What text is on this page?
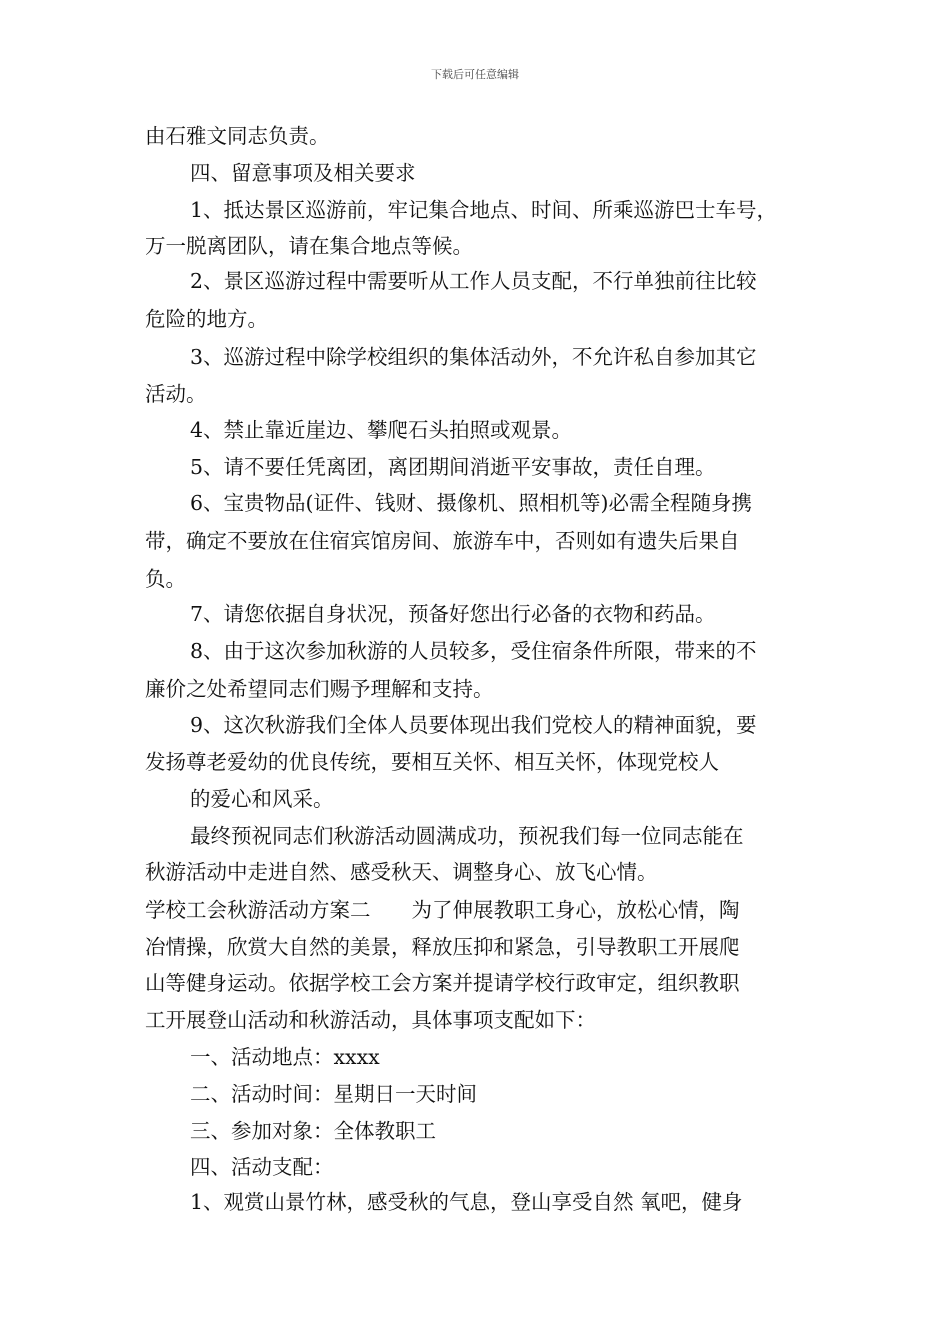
下载后可任意编辑
由石雅文同志负责。
四、留意事项及相关要求
1、抵达景区巡游前，牢记集合地点、时间、所乘巡游巴士车号，
万一脱离团队，请在集合地点等候。
2、景区巡游过程中需要听从工作人员支配，不行单独前往比较
危险的地方。
3、巡游过程中除学校组织的集体活动外，不允许私自参加其它
活动。
4、禁止靠近崖边、攀爬石头拍照或观景。
5、请不要任凭离团，离团期间消逝平安事故，责任自理。
6、宝贵物品(证件、钱财、摄像机、照相机等)必需全程随身携
带，确定不要放在住宿宾馆房间、旅游车中，否则如有遗失后果自
负。
7、请您依据自身状况，预备好您出行必备的衣物和药品。
8、由于这次参加秋游的人员较多，受住宿条件所限，带来的不
廉价之处希望同志们赐予理解和支持。
9、这次秋游我们全体人员要体现出我们党校人的精神面貌，要
发扬尊老爱幼的优良传统，要相互关怀、相互关怀，体现党校人
的爱心和风采。
最终预祝同志们秋游活动圆满成功，预祝我们每一位同志能在
秋游活动中走进自然、感受秋天、调整身心、放飞心情。
学校工会秋游活动方案二　　为了伸展教职工身心，放松心情，陶
冶情操，欣赏大自然的美景，释放压抑和紧急，引导教职工开展爬
山等健身运动。依据学校工会方案并提请学校行政审定，组织教职
工开展登山活动和秋游活动，具体事项支配如下：
一、活动地点：xxxx
二、活动时间：星期日一天时间
三、参加对象：全体教职工
四、活动支配：
1、观赏山景竹林，感受秋的气息，登山享受自然 氧吧，健身
